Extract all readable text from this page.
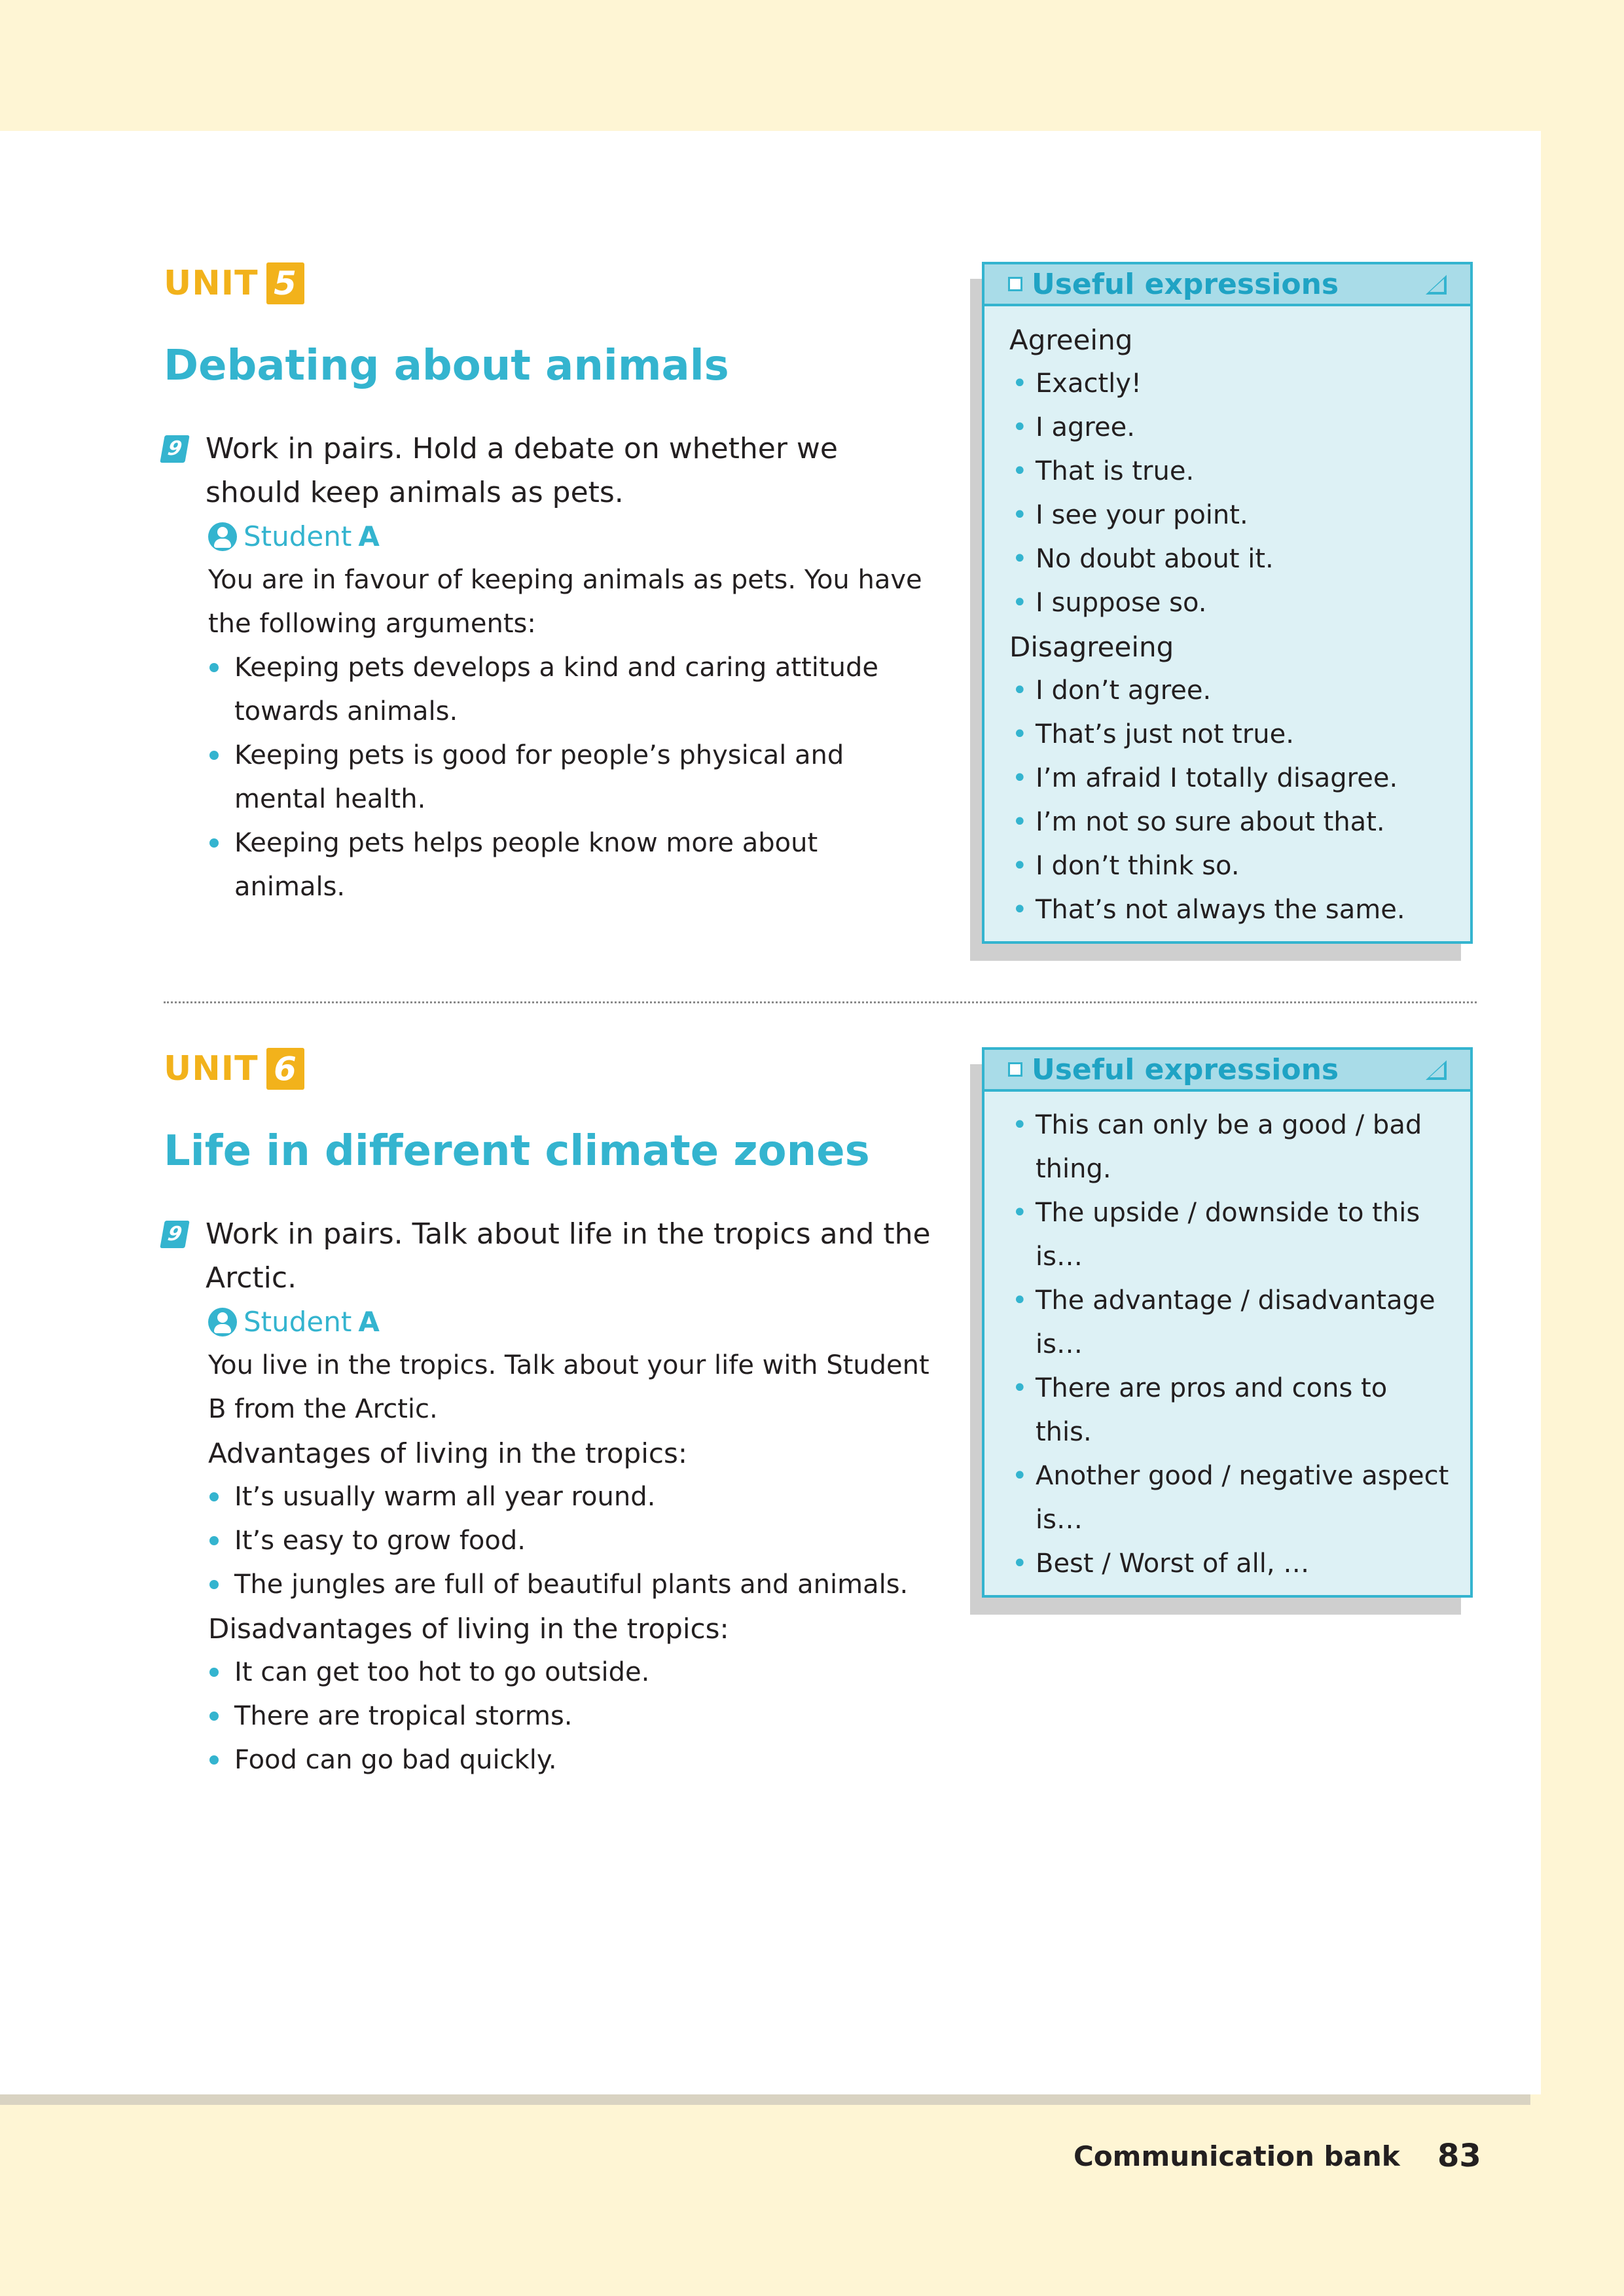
UNIT 5
Debating about animals
9 Work in pairs. Hold a debate on whether we should keep animals as pets.
Student A
You are in favour of keeping animals as pets. You have the following arguments:
Keeping pets develops a kind and caring attitude towards animals.
Keeping pets is good for people’s physical and mental health.
Keeping pets helps people know more about animals.
Useful expressions
Agreeing
• Exactly!
• I agree.
• That is true.
• I see your point.
• No doubt about it.
• I suppose so.
Disagreeing
• I don’t agree.
• That’s just not true.
• I’m afraid I totally disagree.
• I’m not so sure about that.
• I don’t think so.
• That’s not always the same.
UNIT 6
Life in different climate zones
9 Work in pairs. Talk about life in the tropics and the Arctic.
Student A
You live in the tropics. Talk about your life with Student B from the Arctic.
Advantages of living in the tropics:
It’s usually warm all year round.
It’s easy to grow food.
The jungles are full of beautiful plants and animals.
Disadvantages of living in the tropics:
It can get too hot to go outside.
There are tropical storms.
Food can go bad quickly.
Useful expressions
• This can only be a good / bad thing.
• The upside / downside to this is…
• The advantage / disadvantage is…
• There are pros and cons to this.
• Another good / negative aspect is…
• Best / Worst of all, …
Communication bank 83
